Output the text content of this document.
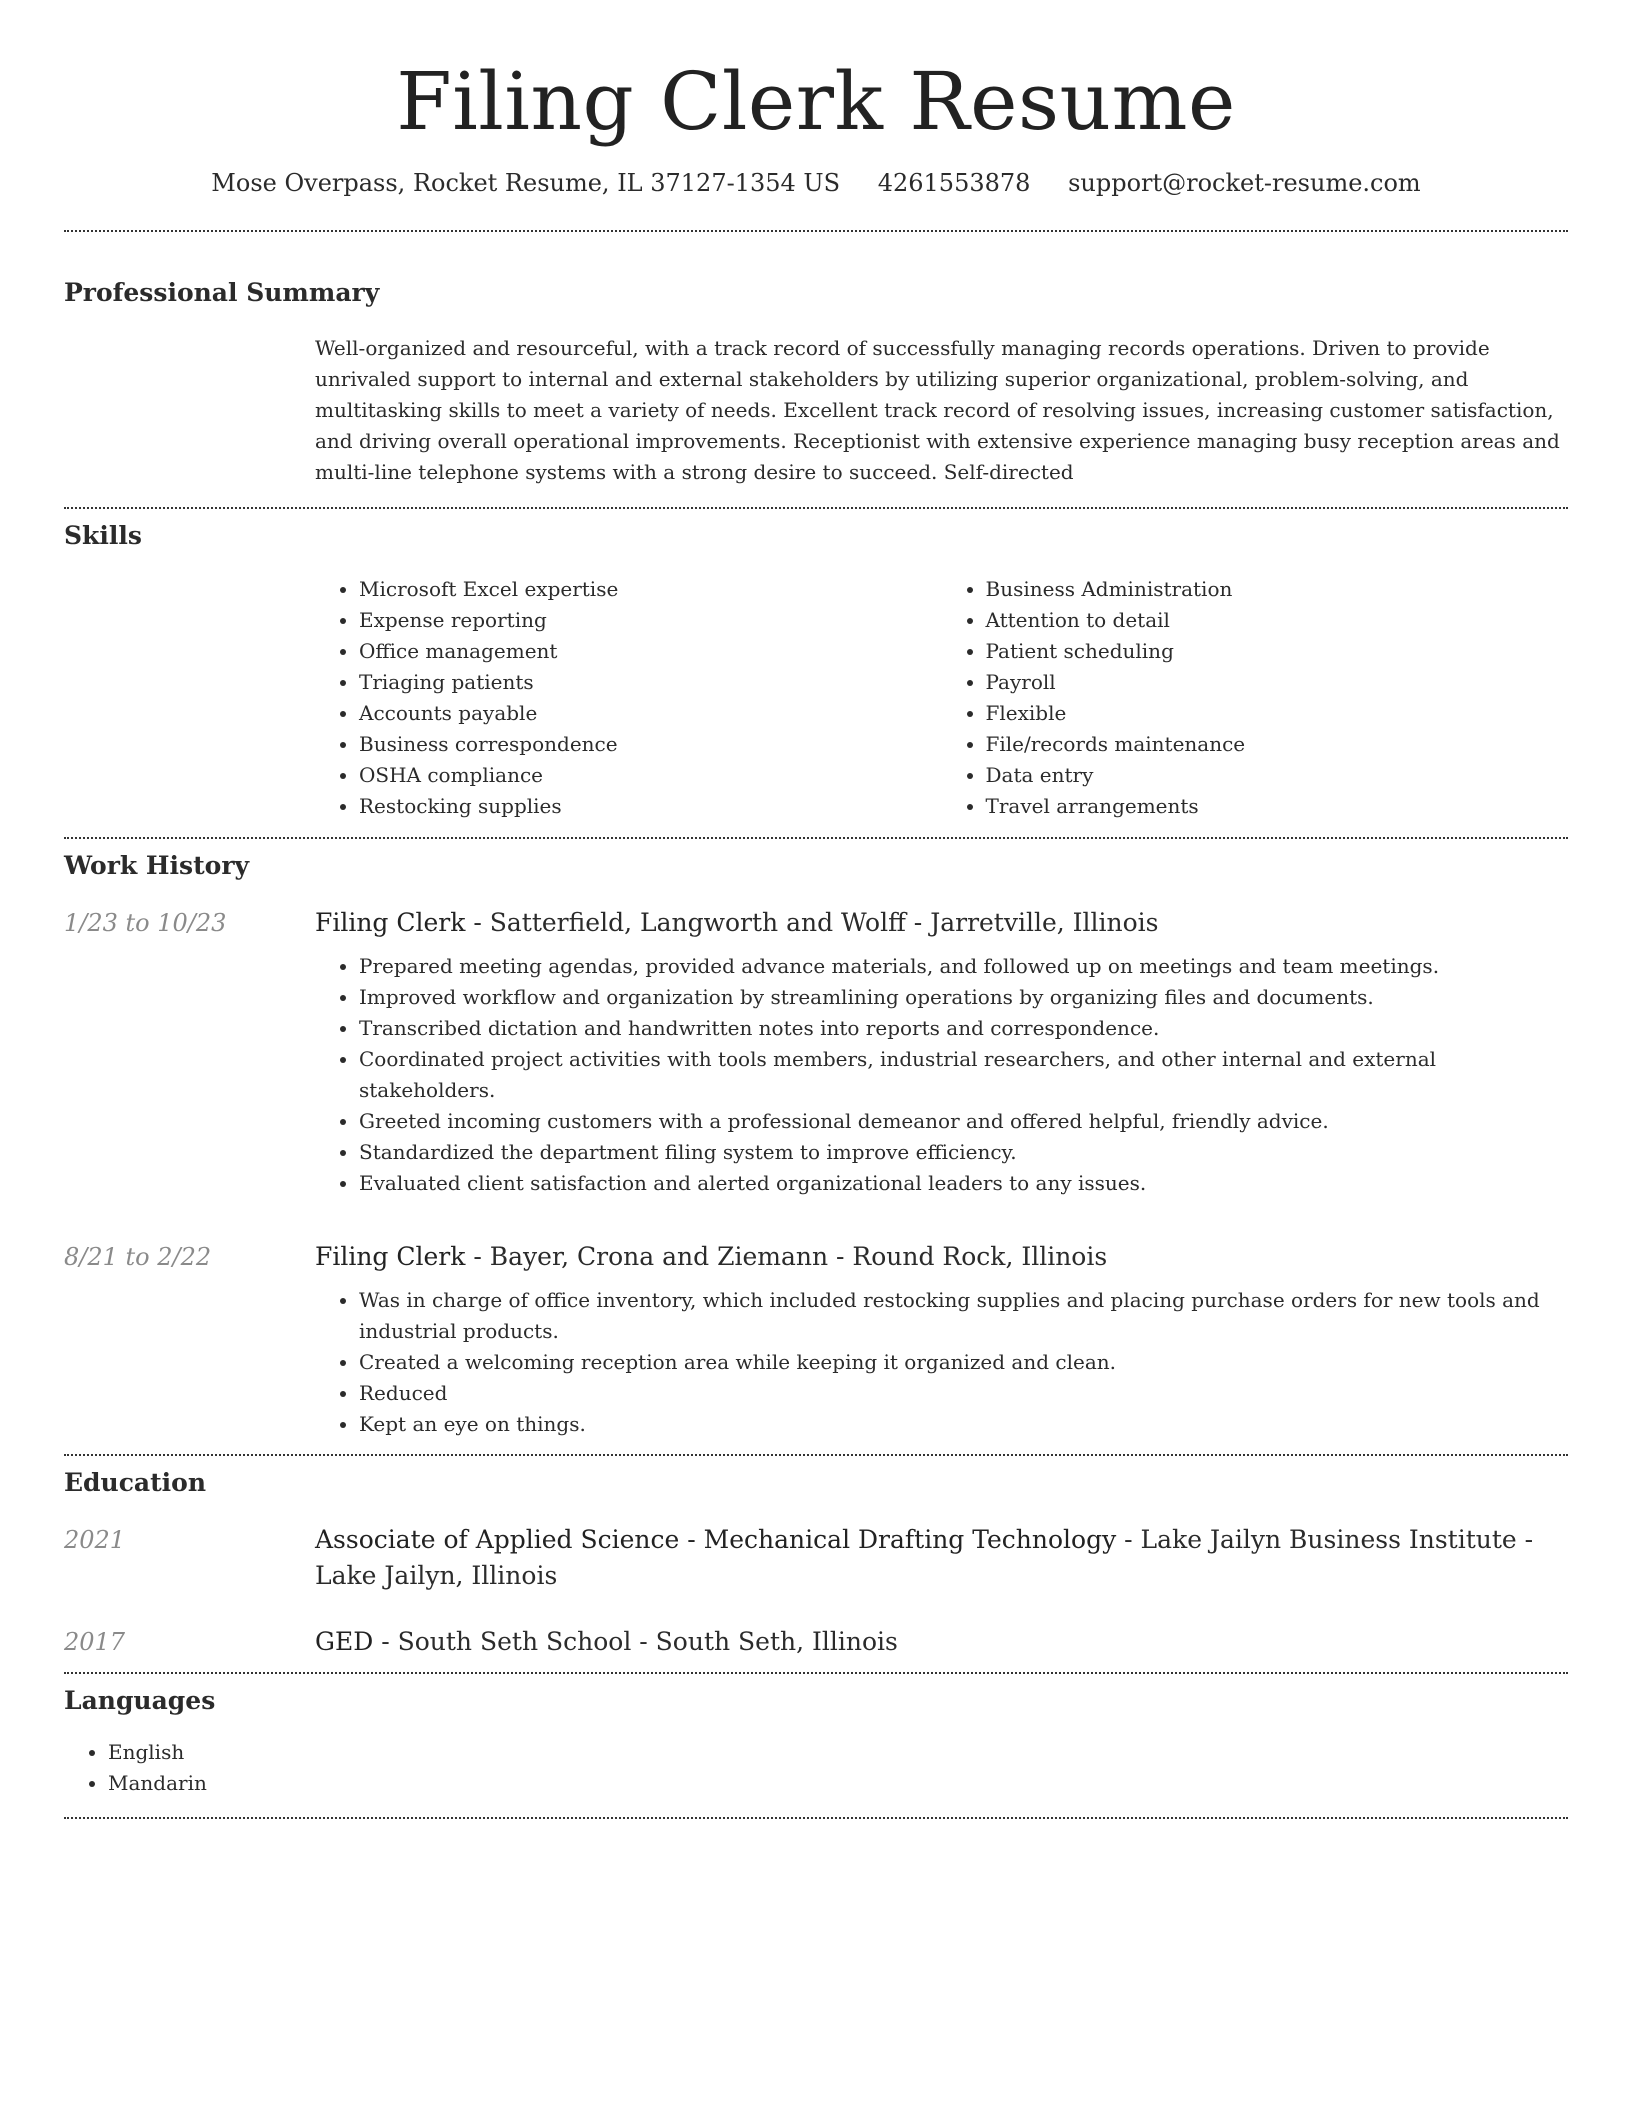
Filing Clerk Resume
Mose Overpass, Rocket Resume, IL 37127-1354 US 4261553878 support@rocket-resume.com
Professional Summary
Well-organized and resourceful, with a track record of successfully managing records operations. Driven to provide unrivaled support to internal and external stakeholders by utilizing superior organizational, problem-solving, and multitasking skills to meet a variety of needs. Excellent track record of resolving issues, increasing customer satisfaction, and driving overall operational improvements. Receptionist with extensive experience managing busy reception areas and multi-line telephone systems with a strong desire to succeed. Self-directed
Skills
• Microsoft Excel expertise
• Expense reporting
• Office management
• Triaging patients
• Accounts payable
• Business correspondence
• OSHA compliance
• Restocking supplies
• Business Administration
• Attention to detail
• Patient scheduling
• Payroll
• Flexible
• File/records maintenance
• Data entry
• Travel arrangements
Work History
1/23 to 10/23	Filing Clerk - Satterfield, Langworth and Wolff - Jarretville, Illinois
• Prepared meeting agendas, provided advance materials, and followed up on meetings and team meetings.
• Improved workflow and organization by streamlining operations by organizing files and documents.
• Transcribed dictation and handwritten notes into reports and correspondence.
• Coordinated project activities with tools members, industrial researchers, and other internal and external stakeholders.
• Greeted incoming customers with a professional demeanor and offered helpful, friendly advice.
• Standardized the department filing system to improve efficiency.
• Evaluated client satisfaction and alerted organizational leaders to any issues.
8/21 to 2/22	Filing Clerk - Bayer, Crona and Ziemann - Round Rock, Illinois
• Was in charge of office inventory, which included restocking supplies and placing purchase orders for new tools and industrial products.
• Created a welcoming reception area while keeping it organized and clean.
• Reduced
• Kept an eye on things.
Education
2021	Associate of Applied Science - Mechanical Drafting Technology - Lake Jailyn Business Institute - Lake Jailyn, Illinois
2017	GED - South Seth School - South Seth, Illinois
Languages
• English
• Mandarin
